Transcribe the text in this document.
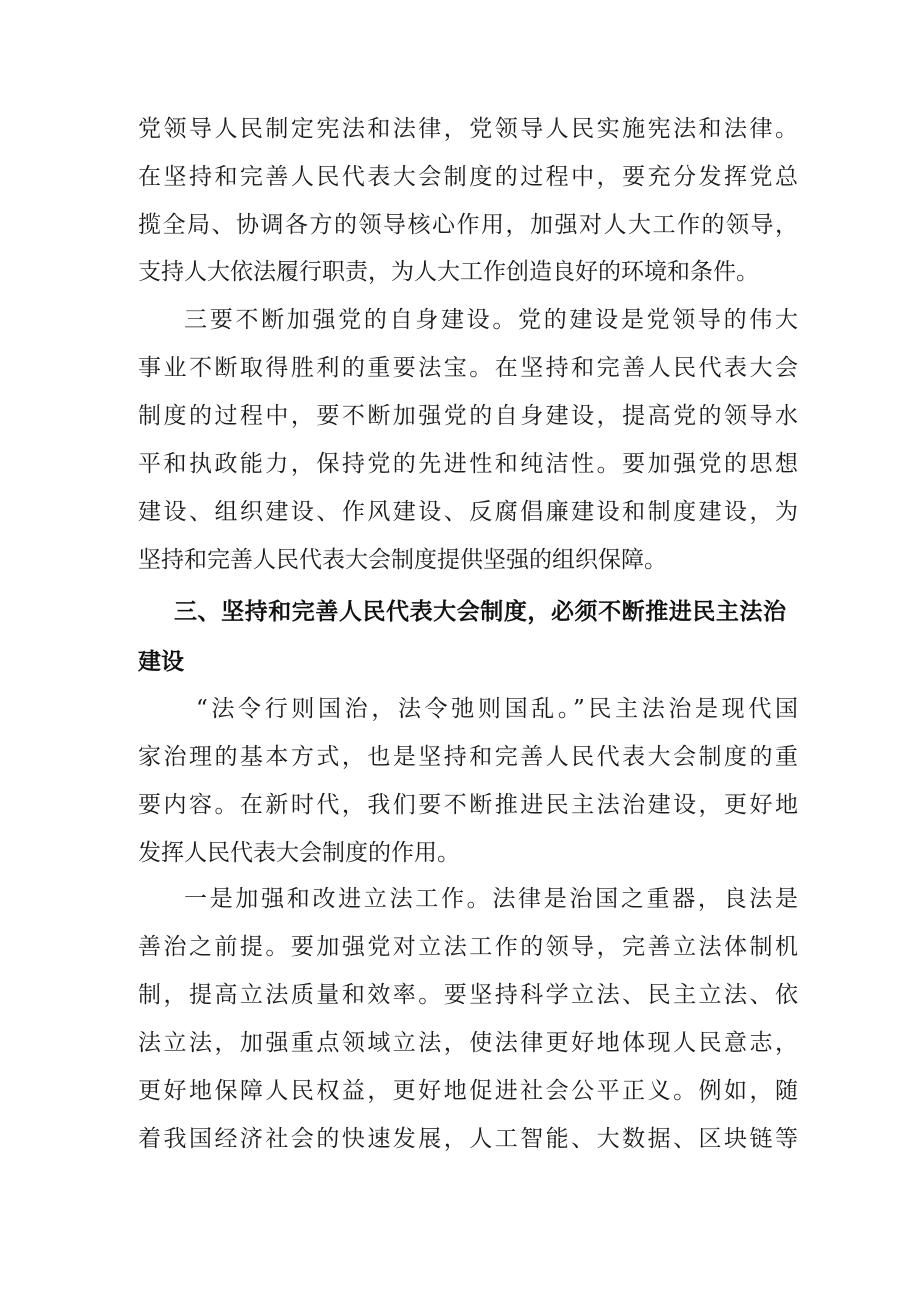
党领导人民制定宪法和法律，党领导人民实施宪法和法律。

在坚持和完善人民代表大会制度的过程中，要充分发挥党总

揽全局、协调各方的领导核心作用，加强对人大工作的领导，

支持人大依法履行职责，为人大工作创造良好的环境和条件。

三要不断加强党的自身建设。党的建设是党领导的伟大

事业不断取得胜利的重要法宝。在坚持和完善人民代表大会

制度的过程中，要不断加强党的自身建设，提高党的领导水

平和执政能力，保持党的先进性和纯洁性。要加强党的思想

建设、组织建设、作风建设、反腐倡廉建设和制度建设，为

坚持和完善人民代表大会制度提供坚强的组织保障。

三、坚持和完善人民代表大会制度，必须不断推进民主法治
建设

“法令行则国治，法令弛则国乱。”民主法治是现代国

家治理的基本方式，也是坚持和完善人民代表大会制度的重

要内容。在新时代，我们要不断推进民主法治建设，更好地

发挥人民代表大会制度的作用。

一是加强和改进立法工作。法律是治国之重器，良法是

善治之前提。要加强党对立法工作的领导，完善立法体制机

制，提高立法质量和效率。要坚持科学立法、民主立法、依

法立法，加强重点领域立法，使法律更好地体现人民意志，

更好地保障人民权益，更好地促进社会公平正义。例如，随

着我国经济社会的快速发展，人工智能、大数据、区块链等
